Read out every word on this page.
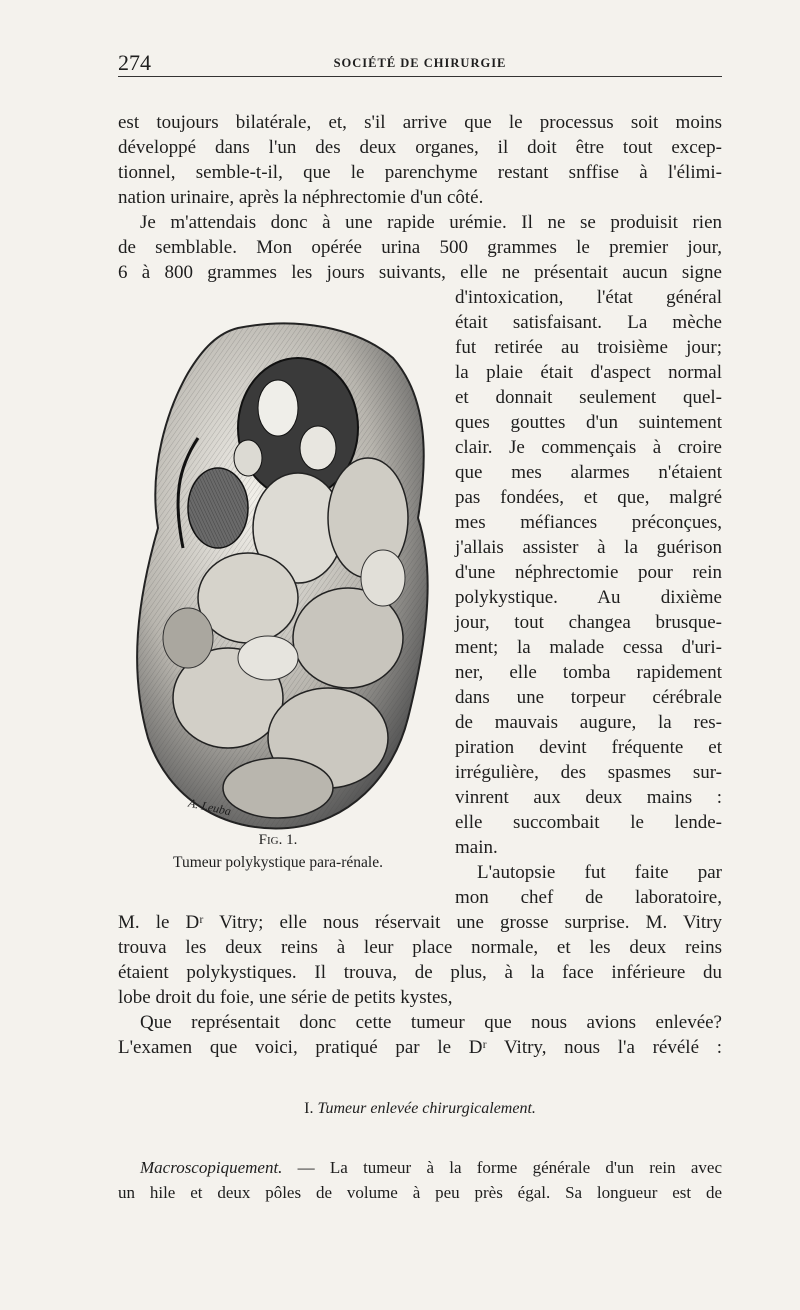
274	SOCIÉTÉ DE CHIRURGIE
est toujours bilatérale, et, s'il arrive que le processus soit moins
développé dans l'un des deux organes, il doit être tout excep-
tionnel, semble-t-il, que le parenchyme restant snffise à l'élimi-
nation urinaire, après la néphrectomie d'un côté.
Je m'attendais donc à une rapide urémie. Il ne se produisit rien
de semblable. Mon opérée urina 500 grammes le premier jour,
6 à 800 grammes les jours suivants, elle ne présentait aucun signe
d'intoxication, l'état général
était satisfaisant. La mèche
fut retirée au troisième jour;
la plaie était d'aspect normal
et donnait seulement quel-
ques gouttes d'un suintement
clair. Je commençais à croire
que mes alarmes n'étaient
pas fondées, et que, malgré
mes méfiances préconçues,
j'allais assister à la guérison
d'une néphrectomie pour rein
polykystique. Au dixième
jour, tout changea brusque-
ment; la malade cessa d'uri-
ner, elle tomba rapidement
dans une torpeur cérébrale
de mauvais augure, la res-
piration devint fréquente et
irrégulière, des spasmes sur-
vinrent aux deux mains :
elle succombait le lende-
main.
L'autopsie fut faite par
mon chef de laboratoire,
A. Leuba
Fig. 1.
Tumeur polykystique para-rénale.
M. le Dʳ Vitry; elle nous réservait une grosse surprise. M. Vitry
trouva les deux reins à leur place normale, et les deux reins
étaient polykystiques. Il trouva, de plus, à la face inférieure du
lobe droit du foie, une série de petits kystes,
Que représentait donc cette tumeur que nous avions enlevée?
L'examen que voici, pratiqué par le Dʳ Vitry, nous l'a révélé :
I. Tumeur enlevée chirurgicalement.
Macroscopiquement. — La tumeur à la forme générale d'un rein avec
un hile et deux pôles de volume à peu près égal. Sa longueur est de
